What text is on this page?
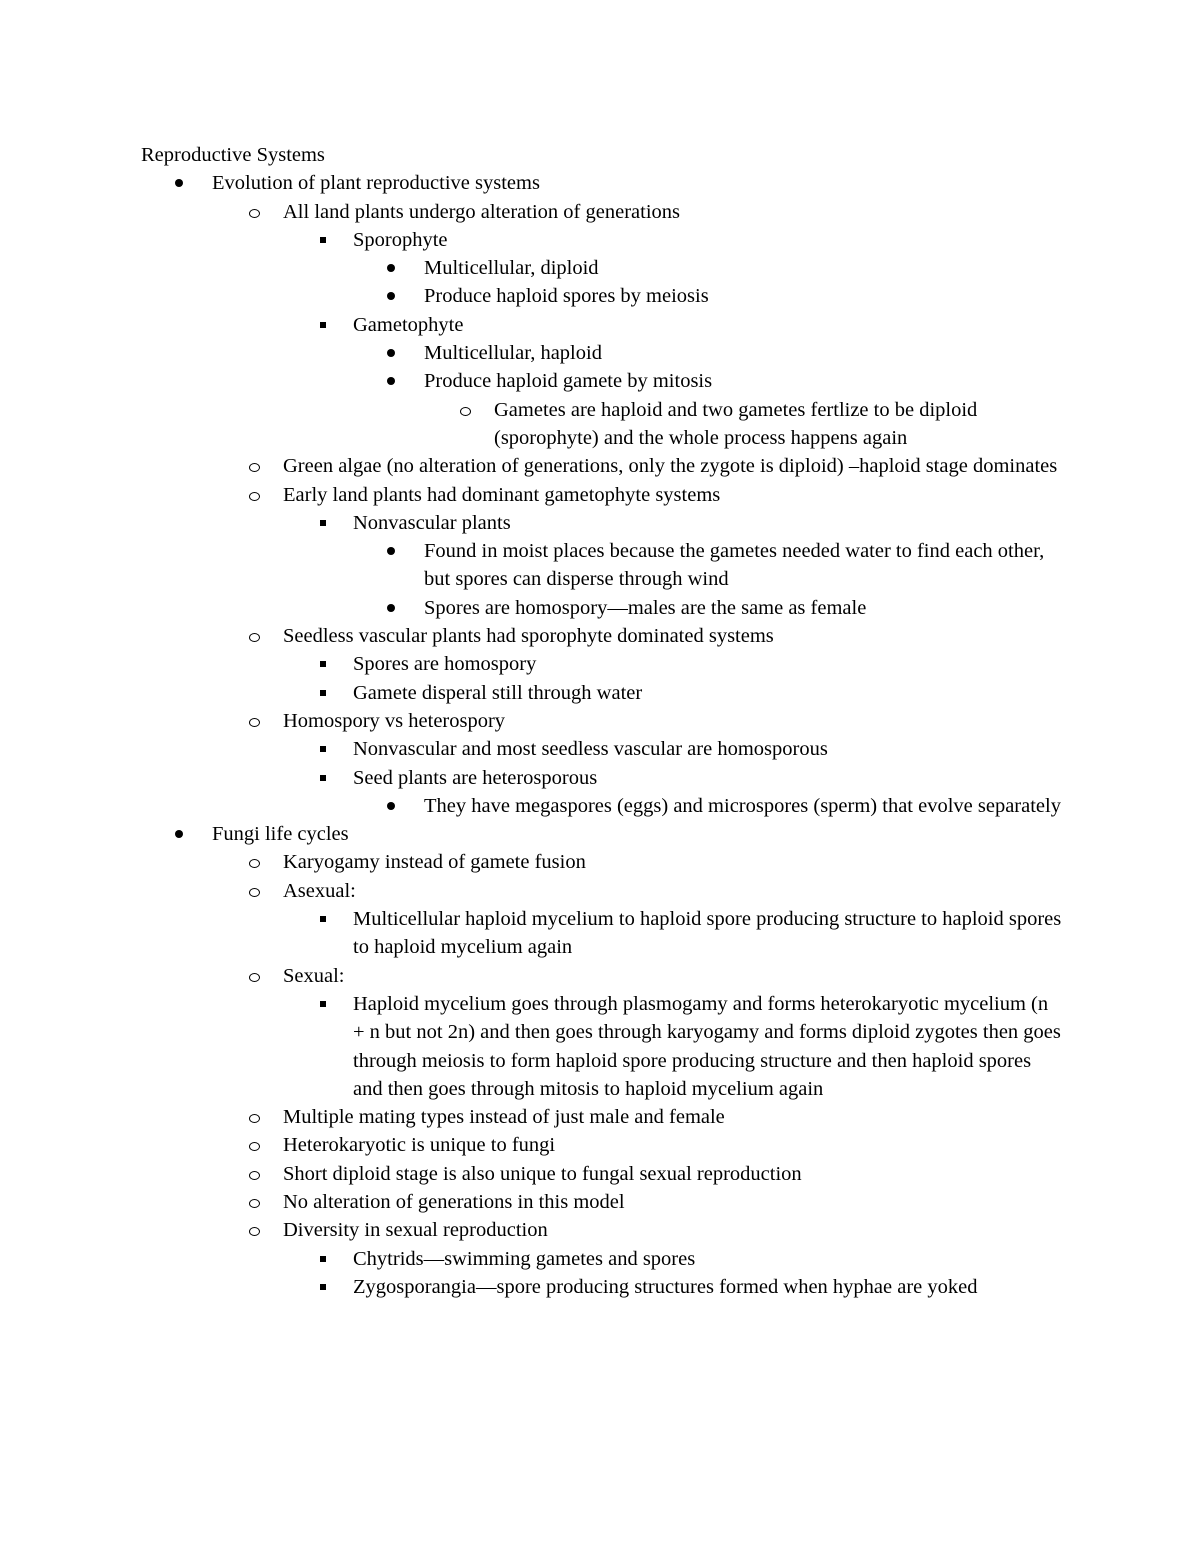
Reproductive Systems
Evolution of plant reproductive systems
All land plants undergo alteration of generations
Sporophyte
Multicellular, diploid
Produce haploid spores by meiosis
Gametophyte
Multicellular, haploid
Produce haploid gamete by mitosis
Gametes are haploid and two gametes fertlize to be diploid (sporophyte) and the whole process happens again
Green algae (no alteration of generations, only the zygote is diploid) –haploid stage dominates
Early land plants had dominant gametophyte systems
Nonvascular plants
Found in moist places because the gametes needed water to find each other, but spores can disperse through wind
Spores are homospory—males are the same as female
Seedless vascular plants had sporophyte dominated systems
Spores are homospory
Gamete disperal still through water
Homospory vs heterospory
Nonvascular and most seedless vascular are homosporous
Seed plants are heterosporous
They have megaspores (eggs) and microspores (sperm) that evolve separately
Fungi life cycles
Karyogamy instead of gamete fusion
Asexual:
Multicellular haploid mycelium to haploid spore producing structure to haploid spores to haploid mycelium again
Sexual:
Haploid mycelium goes through plasmogamy and forms heterokaryotic mycelium (n + n but not 2n) and then goes through karyogamy and forms diploid zygotes then goes through meiosis to form haploid spore producing structure and then haploid spores and then goes through mitosis to haploid mycelium again
Multiple mating types instead of just male and female
Heterokaryotic is unique to fungi
Short diploid stage is also unique to fungal sexual reproduction
No alteration of generations in this model
Diversity in sexual reproduction
Chytrids—swimming gametes and spores
Zygosporangia—spore producing structures formed when hyphae are yoked
